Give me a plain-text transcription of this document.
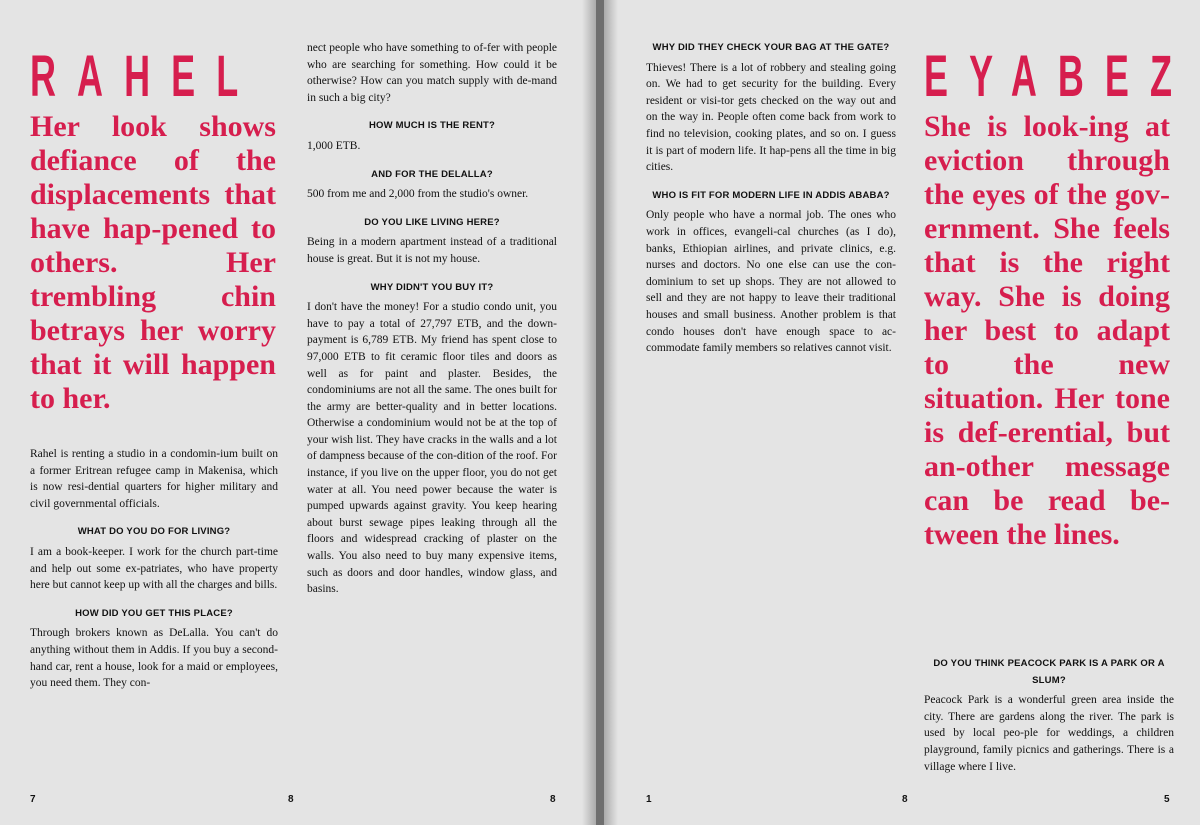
RAHEL
Her look shows defiance of the displacements that have hap-pened to others. Her trembling chin betrays her worry that it will happen to her.

Rahel is renting a studio in a condomin-ium built on a former Eritrean refugee camp in Makenisa, which is now resi-dential quarters for higher military and civil governmental officials.

WHAT DO YOU DO FOR LIVING?

I am a book-keeper. I work for the church part-time and help out some ex-patriates, who have property here but cannot keep up with all the charges and bills.

HOW DID YOU GET THIS PLACE?

Through brokers known as DeLalla. You can't do anything without them in Addis. If you buy a second-hand car, rent a house, look for a maid or employees, you need them. They con-

nect people who have something to of-fer with people who are searching for something. How could it be otherwise? How can you match supply with de-mand in such a big city?

HOW MUCH IS THE RENT?

1,000 ETB.

AND FOR THE DELALLA?

500 from me and 2,000 from the studio's owner.

DO YOU LIKE LIVING HERE?

Being in a modern apartment instead of a traditional house is great. But it is not my house.

WHY DIDN'T YOU BUY IT?

I don't have the money! For a studio condo unit, you have to pay a total of 27,797 ETB, and the down-payment is 6,789 ETB. My friend has spent close to 97,000 ETB to fit ceramic floor tiles and doors as well as for paint and plaster. Besides, the condominiums are not all the same. The ones built for the army are better-quality and in better locations. Otherwise a condominium would not be at the top of your wish list. They have cracks in the walls and a lot of dampness because of the con-dition of the roof. For instance, if you live on the upper floor, you do not get water at all. You need power because the water is pumped upwards against gravity. You keep hearing about burst sewage pipes leaking through all the floors and widespread cracking of plaster on the walls. You also need to buy many expensive items, such as doors and door handles, window glass, and basins.

7	8	8
WHY DID THEY CHECK YOUR BAG AT THE GATE?

Thieves! There is a lot of robbery and stealing going on. We had to get security for the building. Every resident or visi-tor gets checked on the way out and on the way in. People often come back from work to find no television, cooking plates, and so on. I guess it is part of modern life. It hap-pens all the time in big cities.

WHO IS FIT FOR MODERN LIFE IN ADDIS ABABA?

Only people who have a normal job. The ones who work in offices, evangeli-cal churches (as I do), banks, Ethiopian airlines, and private clinics, e.g. nurses and doctors. No one else can use the con-dominium to set up shops. They are not allowed to sell and they are not happy to leave their traditional houses and small business. Another problem is that condo houses don't have enough space to ac-commodate family members so relatives cannot visit.

EYABEZ
She is look-ing at eviction through the eyes of the gov-ernment. She feels that is the right way. She is doing her best to adapt to the new situation. Her tone is def-erential, but an-other message can be read be-tween the lines.
DO YOU THINK PEACOCK PARK IS A PARK OR A SLUM?

Peacock Park is a wonderful green area inside the city. There are gardens along the river. The park is used by local peo-ple for weddings, a children playground, family picnics and gatherings. There is a village where I live.

1	8	5
